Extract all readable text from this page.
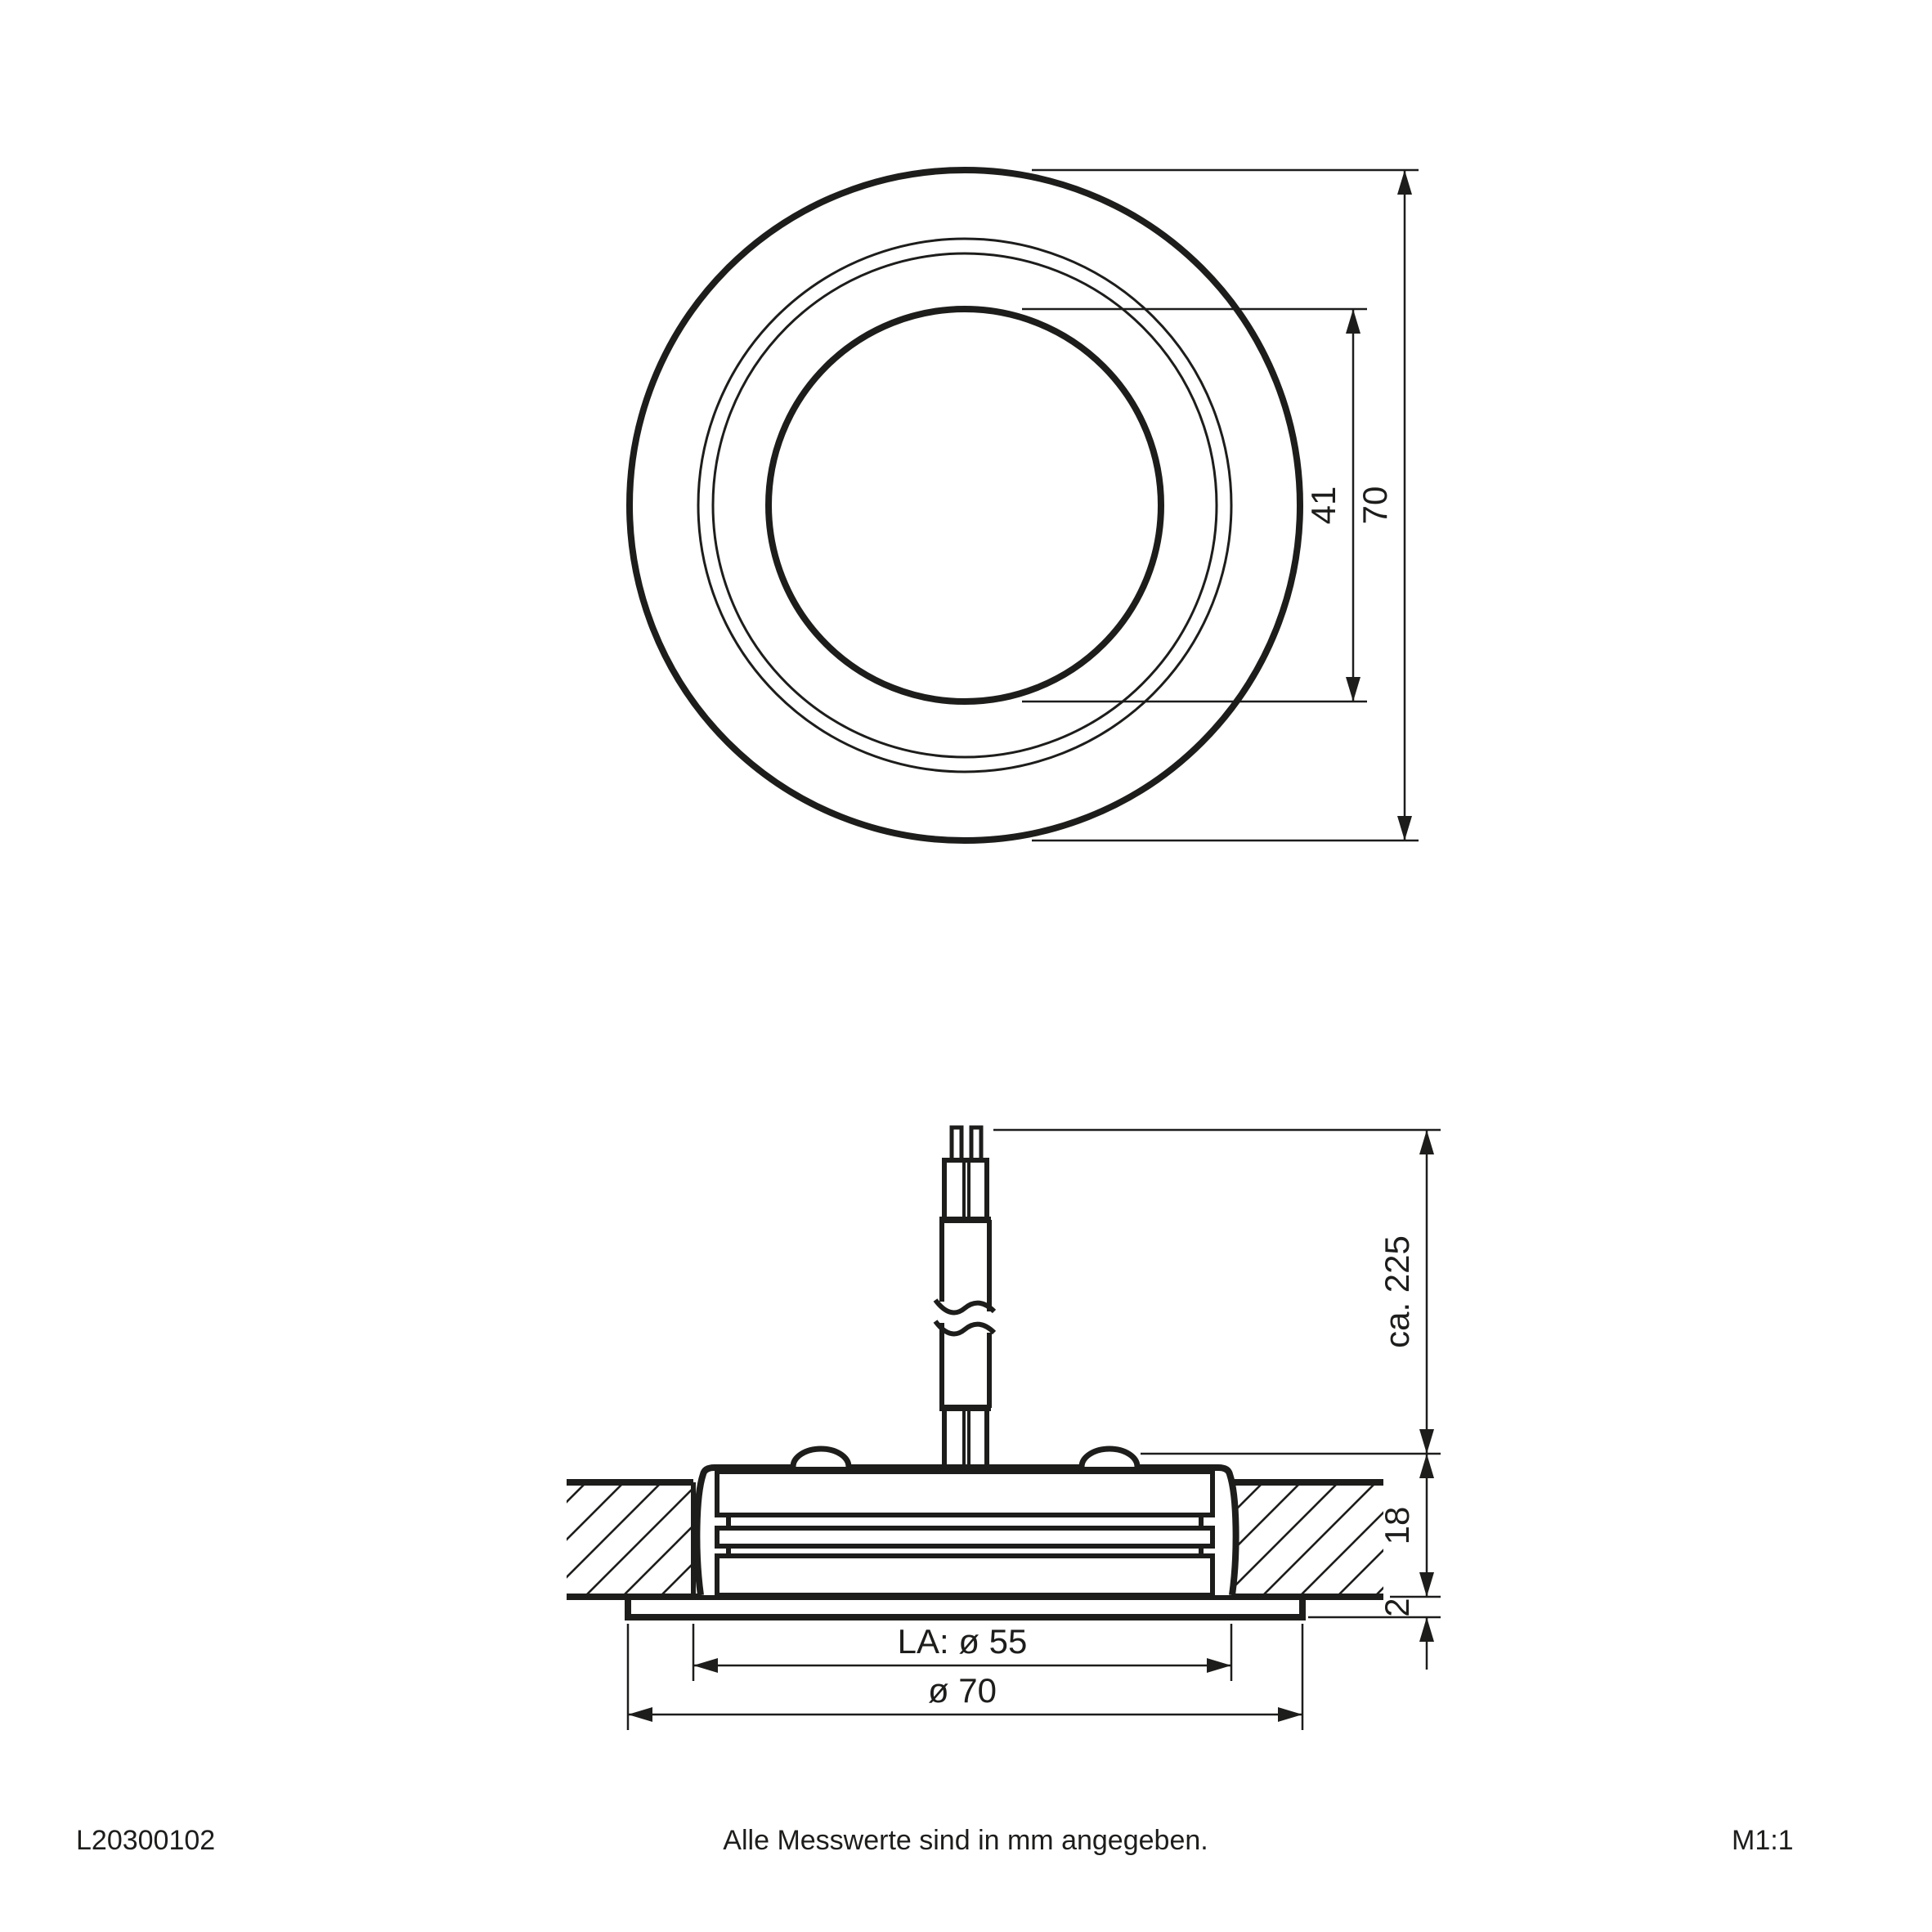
41 70
ca. 225
18
2
LA: ø 55
ø 70
L20300102	Alle Messwerte sind in mm angegeben.	M1:1
